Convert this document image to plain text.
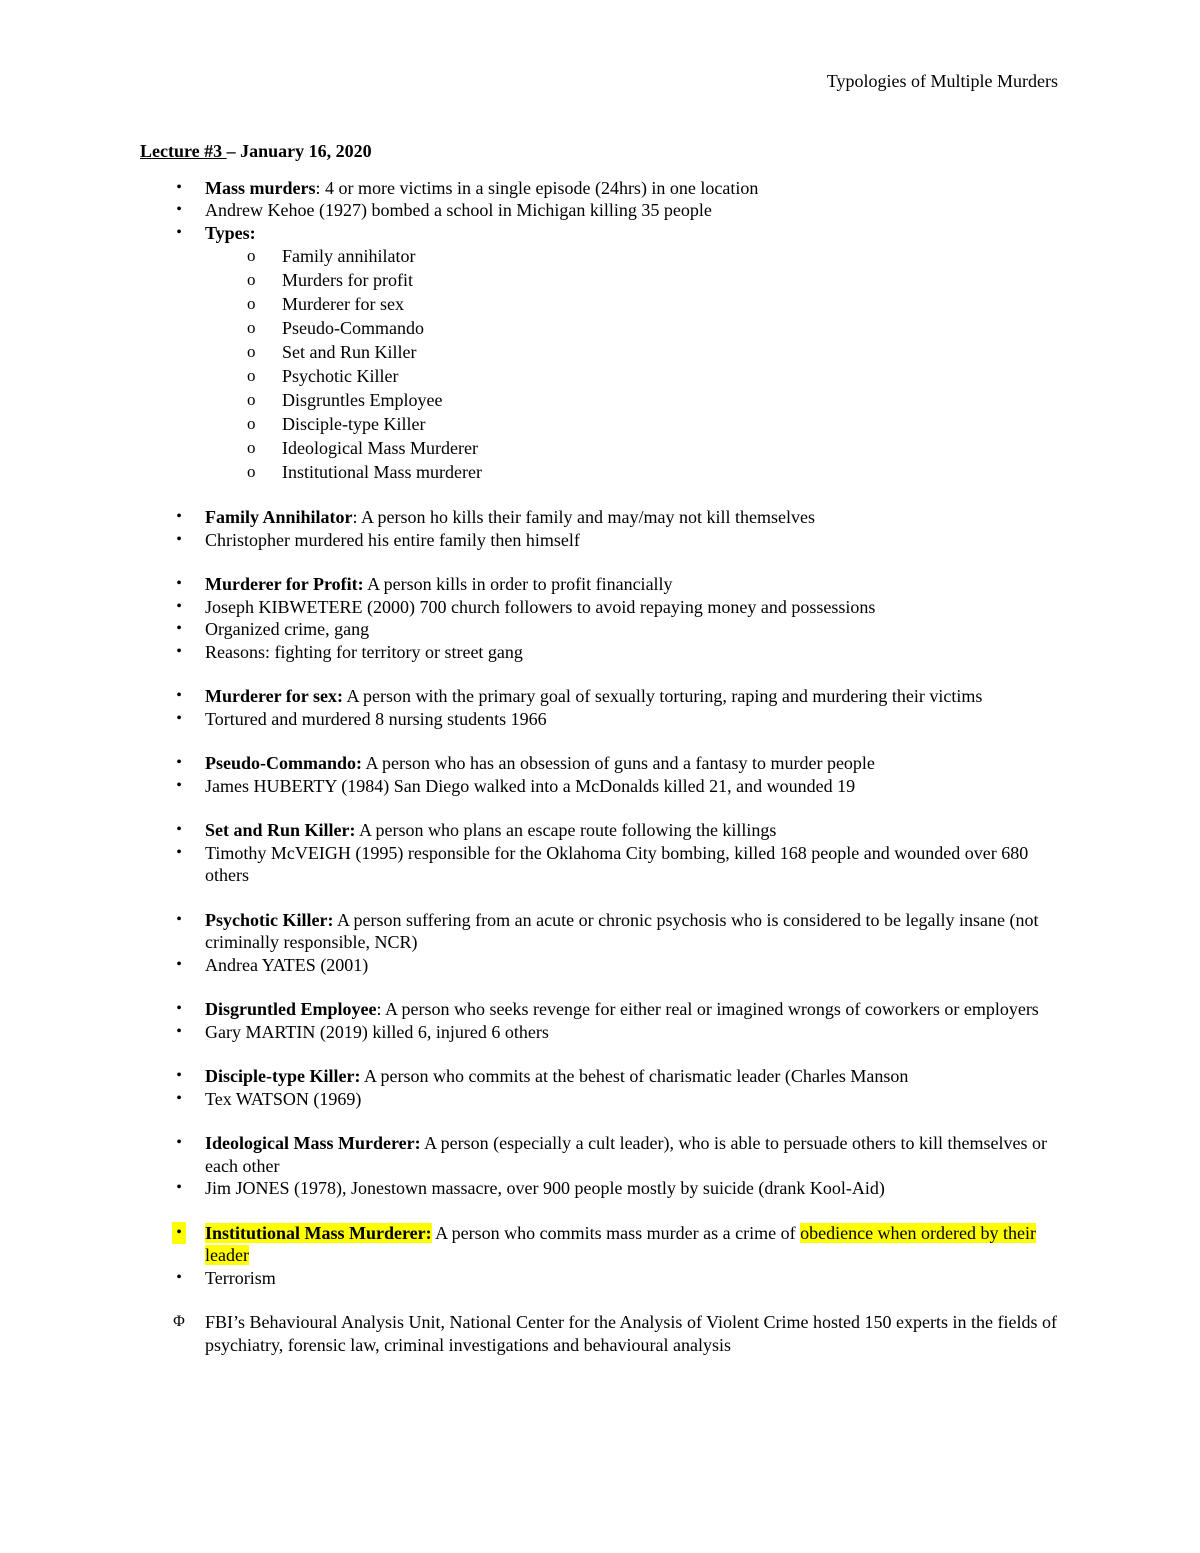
Typologies of Multiple Murders
Lecture #3 – January 16, 2020
• Mass murders: 4 or more victims in a single episode (24hrs) in one location
• Andrew Kehoe (1927) bombed a school in Michigan killing 35 people
• Types:
o Family annihilator
o Murders for profit
o Murderer for sex
o Pseudo-Commando
o Set and Run Killer
o Psychotic Killer
o Disgruntles Employee
o Disciple-type Killer
o Ideological Mass Murderer
o Institutional Mass murderer
• Family Annihilator: A person ho kills their family and may/may not kill themselves
• Christopher murdered his entire family then himself
• Murderer for Profit: A person kills in order to profit financially
• Joseph KIBWETERE (2000) 700 church followers to avoid repaying money and possessions
• Organized crime, gang
• Reasons: fighting for territory or street gang
• Murderer for sex: A person with the primary goal of sexually torturing, raping and murdering their victims
• Tortured and murdered 8 nursing students 1966
• Pseudo-Commando: A person who has an obsession of guns and a fantasy to murder people
• James HUBERTY (1984) San Diego walked into a McDonalds killed 21, and wounded 19
• Set and Run Killer: A person who plans an escape route following the killings
• Timothy McVEIGH (1995) responsible for the Oklahoma City bombing, killed 168 people and wounded over 680 others
• Psychotic Killer: A person suffering from an acute or chronic psychosis who is considered to be legally insane (not criminally responsible, NCR)
• Andrea YATES (2001)
• Disgruntled Employee: A person who seeks revenge for either real or imagined wrongs of coworkers or employers
• Gary MARTIN (2019) killed 6, injured 6 others
• Disciple-type Killer: A person who commits at the behest of charismatic leader (Charles Manson
• Tex WATSON (1969)
• Ideological Mass Murderer: A person (especially a cult leader), who is able to persuade others to kill themselves or each other
• Jim JONES (1978), Jonestown massacre, over 900 people mostly by suicide (drank Kool-Aid)
• Institutional Mass Murderer: A person who commits mass murder as a crime of obedience when ordered by their leader
• Terrorism
Φ FBI’s Behavioural Analysis Unit, National Center for the Analysis of Violent Crime hosted 150 experts in the fields of psychiatry, forensic law, criminal investigations and behavioural analysis
